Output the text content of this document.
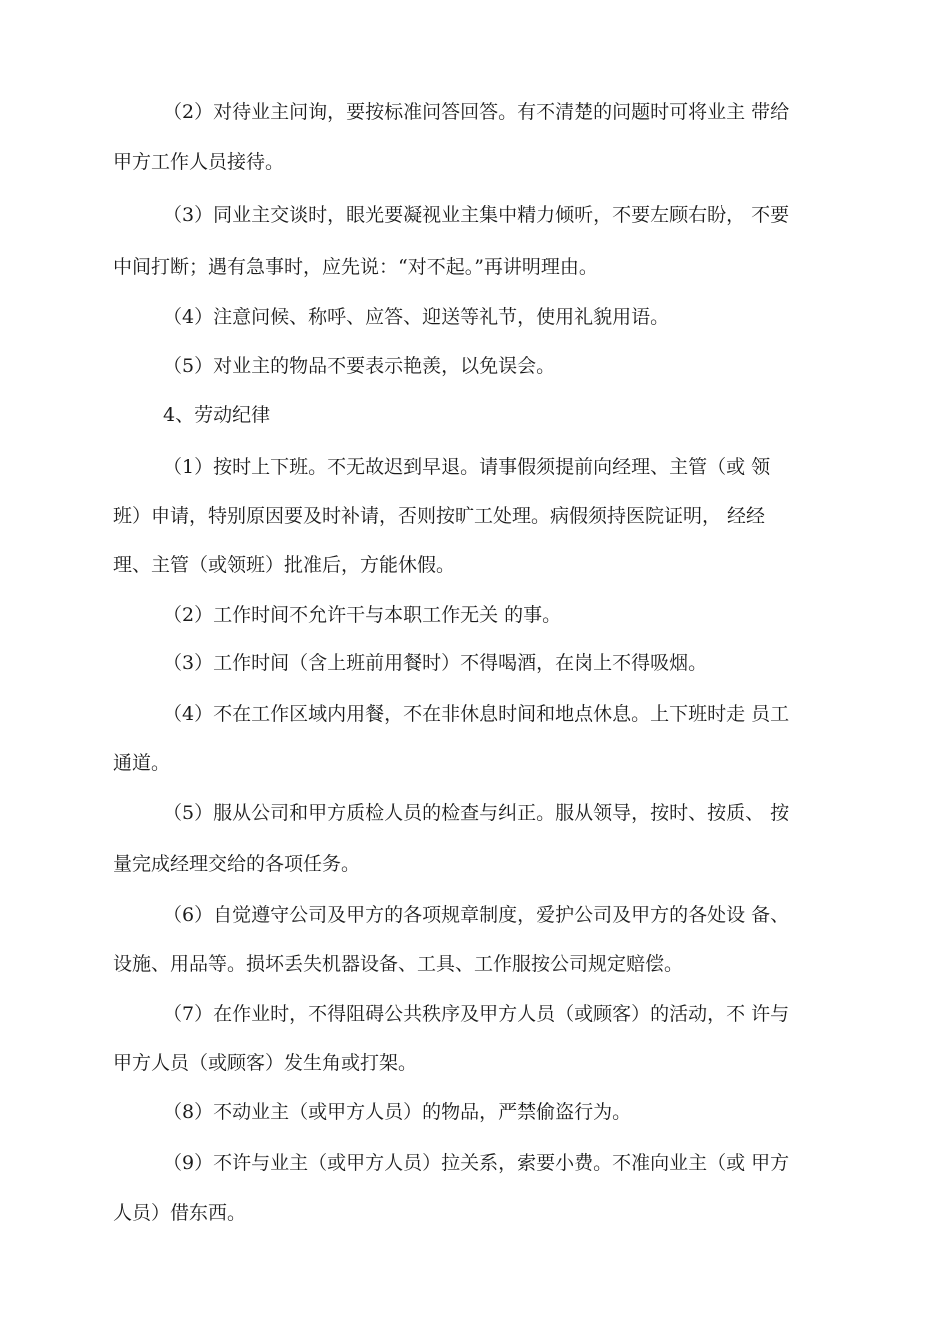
（2）对待业主问询，要按标准问答回答。有不清楚的问题时可将业主 带给
甲方工作人员接待。
（3）同业主交谈时，眼光要凝视业主集中精力倾听，不要左顾右盼， 不要
中间打断；遇有急事时，应先说：“对不起。”再讲明理由。
（4）注意问候、称呼、应答、迎送等礼节，使用礼貌用语。
（5）对业主的物品不要表示艳羡，以免误会。
4、劳动纪律
（1）按时上下班。不无故迟到早退。请事假须提前向经理、主管（或 领
班）申请，特别原因要及时补请，否则按旷工处理。病假须持医院证明， 经经
理、主管（或领班）批准后，方能休假。
（2）工作时间不允许干与本职工作无关 的事。
（3）工作时间（含上班前用餐时）不得喝酒，在岗上不得吸烟。
（4）不在工作区域内用餐，不在非休息时间和地点休息。上下班时走 员工
通道。
（5）服从公司和甲方质检人员的检查与纠正。服从领导，按时、按质、 按
量完成经理交给的各项任务。
（6）自觉遵守公司及甲方的各项规章制度，爱护公司及甲方的各处设 备、
设施、用品等。损坏丢失机器设备、工具、工作服按公司规定赔偿。
（7）在作业时，不得阻碍公共秩序及甲方人员（或顾客）的活动，不 许与
甲方人员（或顾客）发生角或打架。
（8）不动业主（或甲方人员）的物品，严禁偷盗行为。
（9）不许与业主（或甲方人员）拉关系，索要小费。不准向业主（或 甲方
人员）借东西。
